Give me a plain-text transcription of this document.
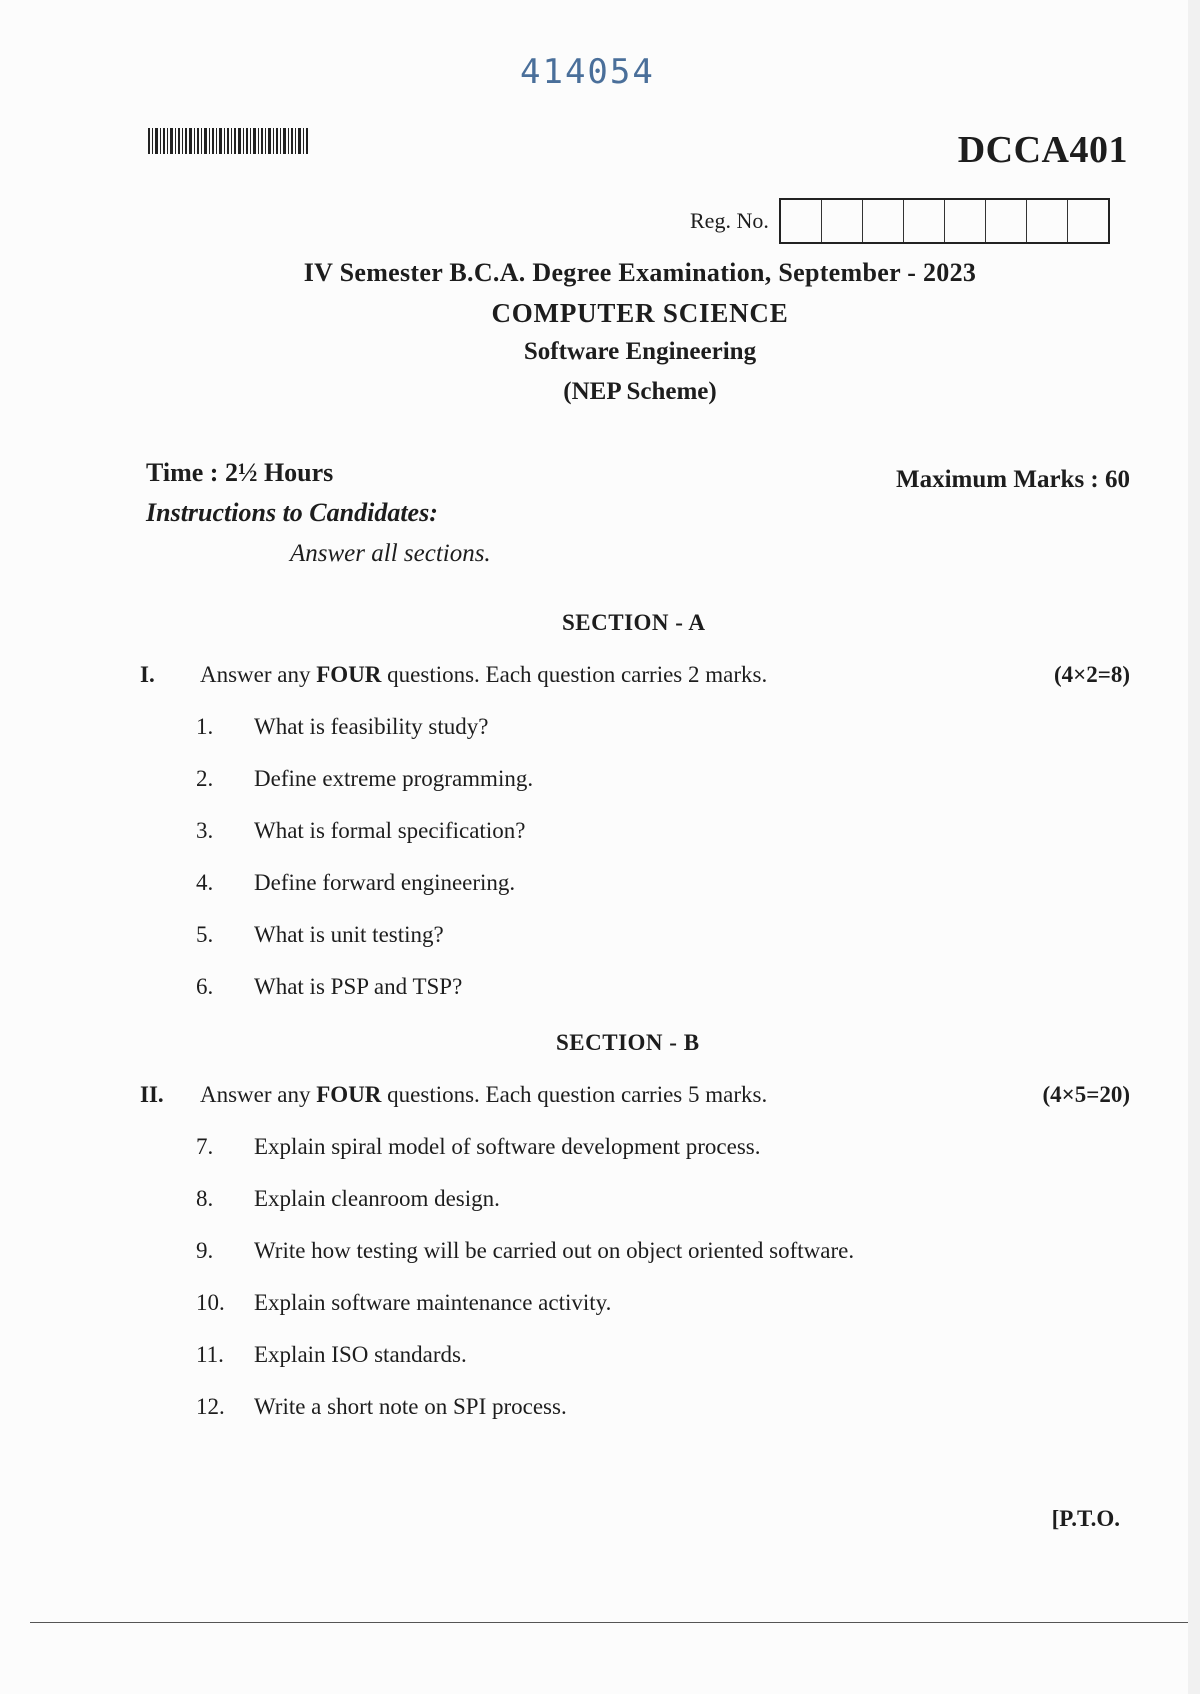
414054
DCCA401
Reg. No.
IV Semester B.C.A. Degree Examination, September - 2023
COMPUTER SCIENCE
Software Engineering
(NEP Scheme)
Time : 2½ Hours	Maximum Marks : 60
Instructions to Candidates:
Answer all sections.
SECTION - A
I. Answer any FOUR questions. Each question carries 2 marks.	(4×2=8)
1. What is feasibility study?
2. Define extreme programming.
3. What is formal specification?
4. Define forward engineering.
5. What is unit testing?
6. What is PSP and TSP?
SECTION - B
II. Answer any FOUR questions. Each question carries 5 marks.	(4×5=20)
7. Explain spiral model of software development process.
8. Explain cleanroom design.
9. Write how testing will be carried out on object oriented software.
10. Explain software maintenance activity.
11. Explain ISO standards.
12. Write a short note on SPI process.
[P.T.O.
